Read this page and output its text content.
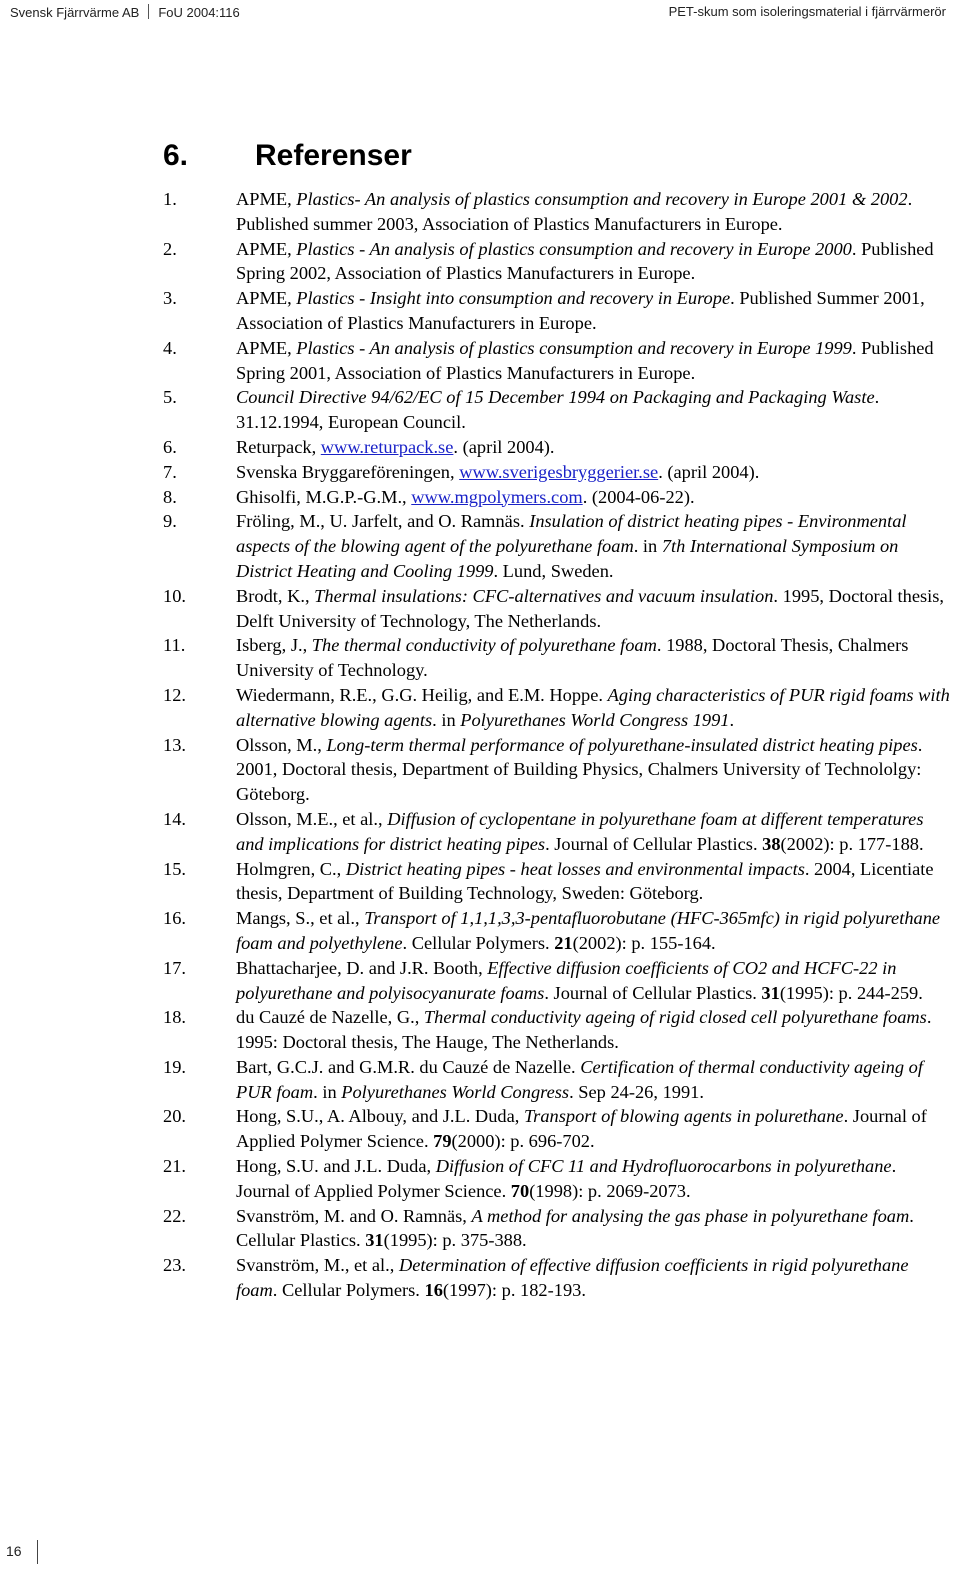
Svensk Fjärrvärme AB FoU 2004:116	PET-skum som isoleringsmaterial i fjärrvärmerör
6. Referenser
1.	APME, Plastics- An analysis of plastics consumption and recovery in Europe 2001 & 2002. Published summer 2003, Association of Plastics Manufacturers in Europe.
2.	APME, Plastics - An analysis of plastics consumption and recovery in Europe 2000. Published Spring 2002, Association of Plastics Manufacturers in Europe.
3.	APME, Plastics - Insight into consumption and recovery in Europe. Published Summer 2001, Association of Plastics Manufacturers in Europe.
4.	APME, Plastics - An analysis of plastics consumption and recovery in Europe 1999. Published Spring 2001, Association of Plastics Manufacturers in Europe.
5.	Council Directive 94/62/EC of 15 December 1994 on Packaging and Packaging Waste. 31.12.1994, European Council.
6.	Returpack, www.returpack.se. (april 2004).
7.	Svenska Bryggareföreningen, www.sverigesbryggerier.se. (april 2004).
8.	Ghisolfi, M.G.P.-G.M., www.mgpolymers.com. (2004-06-22).
9.	Fröling, M., U. Jarfelt, and O. Ramnäs. Insulation of district heating pipes - Environmental aspects of the blowing agent of the polyurethane foam. in 7th International Symposium on District Heating and Cooling 1999. Lund, Sweden.
10.	Brodt, K., Thermal insulations: CFC-alternatives and vacuum insulation. 1995, Doctoral thesis, Delft University of Technology, The Netherlands.
11.	Isberg, J., The thermal conductivity of polyurethane foam. 1988, Doctoral Thesis, Chalmers University of Technology.
12.	Wiedermann, R.E., G.G. Heilig, and E.M. Hoppe. Aging characteristics of PUR rigid foams with alternative blowing agents. in Polyurethanes World Congress 1991.
13.	Olsson, M., Long-term thermal performance of polyurethane-insulated district heating pipes. 2001, Doctoral thesis, Department of Building Physics, Chalmers University of Technololgy: Göteborg.
14.	Olsson, M.E., et al., Diffusion of cyclopentane in polyurethane foam at different temperatures and implications for district heating pipes. Journal of Cellular Plastics. 38(2002): p. 177-188.
15.	Holmgren, C., District heating pipes - heat losses and environmental impacts. 2004, Licentiate thesis, Department of Building Technology, Sweden: Göteborg.
16.	Mangs, S., et al., Transport of 1,1,1,3,3-pentafluorobutane (HFC-365mfc) in rigid polyurethane foam and polyethylene. Cellular Polymers. 21(2002): p. 155-164.
17.	Bhattacharjee, D. and J.R. Booth, Effective diffusion coefficients of CO2 and HCFC-22 in polyurethane and polyisocyanurate foams. Journal of Cellular Plastics. 31(1995): p. 244-259.
18.	du Cauzé de Nazelle, G., Thermal conductivity ageing of rigid closed cell polyurethane foams. 1995: Doctoral thesis, The Hauge, The Netherlands.
19.	Bart, G.C.J. and G.M.R. du Cauzé de Nazelle. Certification of thermal conductivity ageing of PUR foam. in Polyurethanes World Congress. Sep 24-26, 1991.
20.	Hong, S.U., A. Albouy, and J.L. Duda, Transport of blowing agents in polurethane. Journal of Applied Polymer Science. 79(2000): p. 696-702.
21.	Hong, S.U. and J.L. Duda, Diffusion of CFC 11 and Hydrofluorocarbons in polyurethane. Journal of Applied Polymer Science. 70(1998): p. 2069-2073.
22.	Svanström, M. and O. Ramnäs, A method for analysing the gas phase in polyurethane foam. Cellular Plastics. 31(1995): p. 375-388.
23.	Svanström, M., et al., Determination of effective diffusion coefficients in rigid polyurethane foam. Cellular Polymers. 16(1997): p. 182-193.
16
